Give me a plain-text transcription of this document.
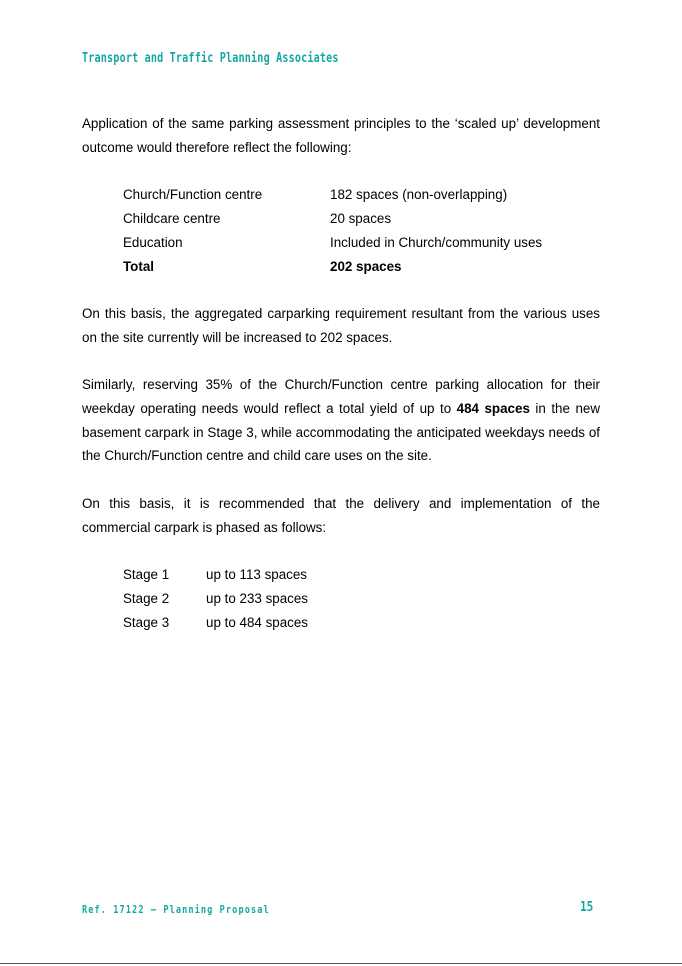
Transport and Traffic Planning Associates

Application of the same parking assessment principles to the ‘scaled up’ development outcome would therefore reflect the following:

Church/Function centre	182 spaces (non-overlapping)
Childcare centre	20 spaces
Education	Included in Church/community uses
Total	202 spaces

On this basis, the aggregated carparking requirement resultant from the various uses on the site currently will be increased to 202 spaces.

Similarly, reserving 35% of the Church/Function centre parking allocation for their weekday operating needs would reflect a total yield of up to 484 spaces in the new basement carpark in Stage 3, while accommodating the anticipated weekdays needs of the Church/Function centre and child care uses on the site.

On this basis, it is recommended that the delivery and implementation of the commercial carpark is phased as follows:

Stage 1	up to 113 spaces
Stage 2	up to 233 spaces
Stage 3	up to 484 spaces
Ref. 17122 – Planning Proposal	15
